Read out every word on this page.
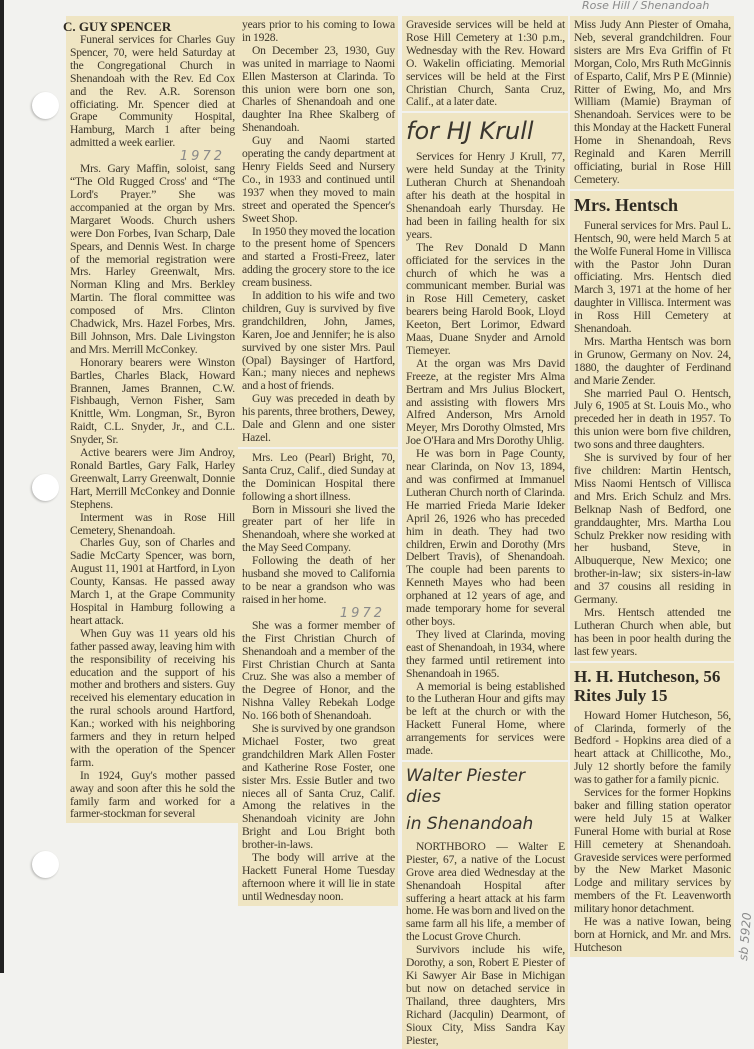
Rose Hill / Shenandoah
sb 5920
C. GUY SPENCER

Funeral services for Charles Guy Spencer, 70, were held Saturday at the Congregational Church in Shenandoah with the Rev. Ed Cox and the Rev. A.R. Sorenson officiating. Mr. Spencer died at Grape Community Hospital, Hamburg, March 1 after being admitted a week earlier.

1972

Mrs. Gary Maffin, soloist, sang “The Old Rugged Cross' and “The Lord's Prayer.” She was accompanied at the organ by Mrs. Margaret Woods. Church ushers were Don Forbes, Ivan Scharp, Dale Spears, and Dennis West. In charge of the memorial registration were Mrs. Harley Greenwalt, Mrs. Norman Kling and Mrs. Berkley Martin. The floral committee was composed of Mrs. Clinton Chadwick, Mrs. Hazel Forbes, Mrs. Bill Johnson, Mrs. Dale Livingston and Mrs. Merrill McConkey.

Honorary bearers were Winston Bartles, Charles Black, Howard Brannen, James Brannen, C.W. Fishbaugh, Vernon Fisher, Sam Knittle, Wm. Longman, Sr., Byron Raidt, C.L. Snyder, Jr., and C.L. Snyder, Sr.

Active bearers were Jim Androy, Ronald Bartles, Gary Falk, Harley Greenwalt, Larry Greenwalt, Donnie Hart, Merrill McConkey and Donnie Stephens.

Interment was in Rose Hill Cemetery, Shenandoah.

Charles Guy, son of Charles and Sadie McCarty Spencer, was born, August 11, 1901 at Hartford, in Lyon County, Kansas. He passed away March 1, at the Grape Community Hospital in Hamburg following a heart attack.

When Guy was 11 years old his father passed away, leaving him with the responsibility of receiving his education and the support of his mother and brothers and sisters. Guy received his elementary education in the rural schools around Hartford, Kan.; worked with his neighboring farmers and they in return helped with the operation of the Spencer farm.

In 1924, Guy's mother passed away and soon after this he sold the family farm and worked for a farmer-stockman for several

years prior to his coming to Iowa in 1928.

On December 23, 1930, Guy was united in marriage to Naomi Ellen Masterson at Clarinda. To this union were born one son, Charles of Shenandoah and one daughter Ina Rhee Skalberg of Shenandoah.

Guy and Naomi started operating the candy department at Henry Fields Seed and Nursery Co., in 1933 and continued until 1937 when they moved to main street and operated the Spencer's Sweet Shop.

In 1950 they moved the location to the present home of Spencers and started a Frosti-Freez, later adding the grocery store to the ice cream business.

In addition to his wife and two children, Guy is survived by five grandchildren, John, James, Karen, Joe and Jennifer; he is also survived by one sister Mrs. Paul (Opal) Baysinger of Hartford, Kan.; many nieces and nephews and a host of friends.

Guy was preceded in death by his parents, three brothers, Dewey, Dale and Glenn and one sister Hazel.

Mrs. Leo (Pearl) Bright, 70, Santa Cruz, Calif., died Sunday at the Dominican Hospital there following a short illness.

Born in Missouri she lived the greater part of her life in Shenandoah, where she worked at the May Seed Company.

Following the death of her husband she moved to California to be near a grandson who was raised in her home.

1972

She was a former member of the First Christian Church of Shenandoah and a member of the First Christian Church at Santa Cruz. She was also a member of the Degree of Honor, and the Nishna Valley Rebekah Lodge No. 166 both of Shenandoah.

She is survived by one grandson Michael Foster, two great grandchildren Mark Allen Foster and Katherine Rose Foster, one sister Mrs. Essie Butler and two nieces all of Santa Cruz, Calif. Among the relatives in the Shenandoah vicinity are John Bright and Lou Bright both brother-in-laws.

The body will arrive at the Hackett Funeral Home Tuesday afternoon where it will lie in state until Wednesday noon.

Graveside services will be held at Rose Hill Cemetery at 1:30 p.m., Wednesday with the Rev. Howard O. Wakelin officiating. Memorial services will be held at the First Christian Church, Santa Cruz, Calif., at a later date.

for HJ Krull

Services for Henry J Krull, 77, were held Sunday at the Trinity Lutheran Church at Shenandoah after his death at the hospital in Shenandoah early Thursday. He had been in failing health for six years.

The Rev Donald D Mann officiated for the services in the church of which he was a communicant member. Burial was in Rose Hill Cemetery, casket bearers being Harold Book, Lloyd Keeton, Bert Lorimor, Edward Maas, Duane Snyder and Arnold Tiemeyer.

At the organ was Mrs David Freeze, at the register Mrs Alma Bertram and Mrs Julius Blockert, and assisting with flowers Mrs Alfred Anderson, Mrs Arnold Meyer, Mrs Dorothy Olmsted, Mrs Joe O'Hara and Mrs Dorothy Uhlig.

He was born in Page County, near Clarinda, on Nov 13, 1894, and was confirmed at Immanuel Lutheran Church north of Clarinda. He married Frieda Marie Ideker April 26, 1926 who has preceded him in death. They had two children, Erwin and Dorothy (Mrs Delbert Travis), of Shenandoah. The couple had been parents to Kenneth Mayes who had been orphaned at 12 years of age, and made temporary home for several other boys.

They lived at Clarinda, moving east of Shenandoah, in 1934, where they farmed until retirement into Shenandoah in 1965.

A memorial is being established to the Lutheran Hour and gifts may be left at the church or with the Hackett Funeral Home, where arrangements for services were made.

Walter Piester dies
in Shenandoah

NORTHBORO — Walter E Piester, 67, a native of the Locust Grove area died Wednesday at the Shenandoah Hospital after suffering a heart attack at his farm home. He was born and lived on the same farm all his life, a member of the Locust Grove Church.

Survivors include his wife, Dorothy, a son, Robert E Piester of Ki Sawyer Air Base in Michigan but now on detached service in Thailand, three daughters, Mrs Richard (Jacqulin) Dearmont, of Sioux City, Miss Sandra Kay Piester,

Miss Judy Ann Piester of Omaha, Neb, several grandchildren. Four sisters are Mrs Eva Griffin of Ft Morgan, Colo, Mrs Ruth McGinnis of Esparto, Calif, Mrs P E (Minnie) Ritter of Ewing, Mo, and Mrs William (Mamie) Brayman of Shenandoah. Services were to be this Monday at the Hackett Funeral Home in Shenandoah, Revs Reginald and Karen Merrill officiating, burial in Rose Hill Cemetery.

Mrs. Hentsch

Funeral services for Mrs. Paul L. Hentsch, 90, were held March 5 at the Wolfe Funeral Home in Villisca with the Pastor John Duran officiating. Mrs. Hentsch died March 3, 1971 at the home of her daughter in Villisca. Interment was in Ross Hill Cemetery at Shenandoah.

Mrs. Martha Hentsch was born in Grunow, Germany on Nov. 24, 1880, the daughter of Ferdinand and Marie Zender.

She married Paul O. Hentsch, July 6, 1905 at St. Louis Mo., who preceded her in death in 1957. To this union were born five children, two sons and three daughters.

She is survived by four of her five children: Martin Hentsch, Miss Naomi Hentsch of Villisca and Mrs. Erich Schulz and Mrs. Belknap Nash of Bedford, one granddaughter, Mrs. Martha Lou Schulz Prekker now residing with her husband, Steve, in Albuquerque, New Mexico; one brother-in-law; six sisters-in-law and 37 cousins all residing in Germany.

Mrs. Hentsch attended tne Lutheran Church when able, but has been in poor health during the last few years.

H. H. Hutcheson, 56 Rites July 15

Howard Homer Hutcheson, 56, of Clarinda, formerly of the Bedford - Hopkins area died of a heart attack at Chillicothe, Mo., July 12 shortly before the family was to gather for a family picnic.

Services for the former Hopkins baker and filling station operator were held July 15 at Walker Funeral Home with burial at Rose Hill cemetery at Shenandoah. Graveside services were performed by the New Market Masonic Lodge and military services by members of the Ft. Leavenworth military honor detachment.

He was a native Iowan, being born at Hornick, and Mr. and Mrs. Hutcheson
